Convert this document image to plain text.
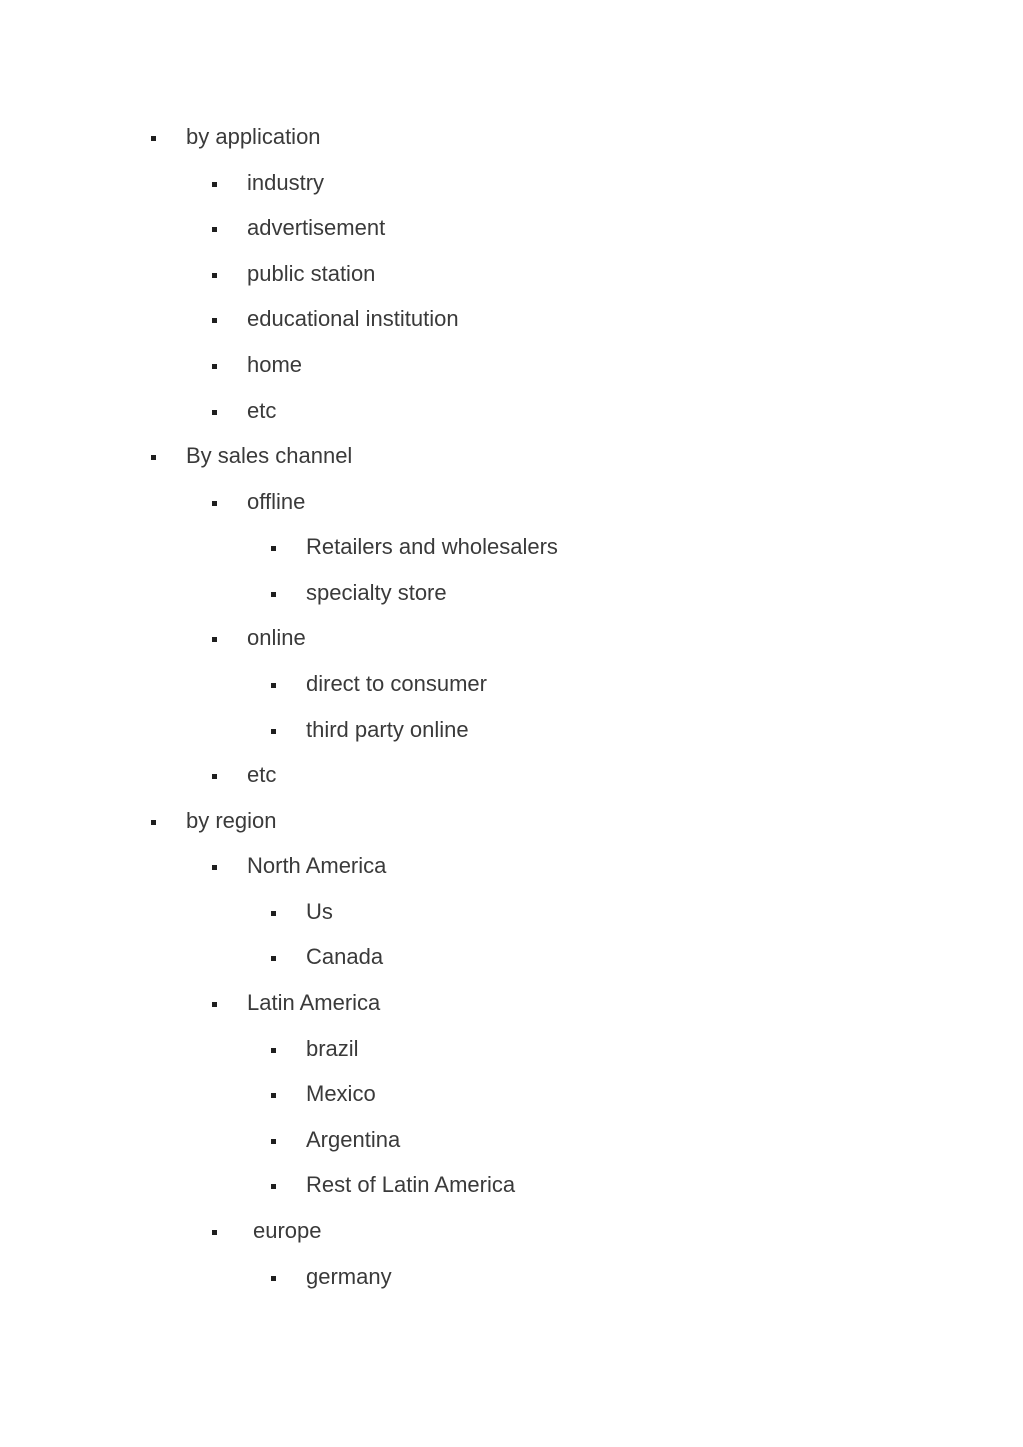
by application
industry
advertisement
public station
educational institution
home
etc
By sales channel
offline
Retailers and wholesalers
specialty store
online
direct to consumer
third party online
etc
by region
North America
Us
Canada
Latin America
brazil
Mexico
Argentina
Rest of Latin America
europe
germany
